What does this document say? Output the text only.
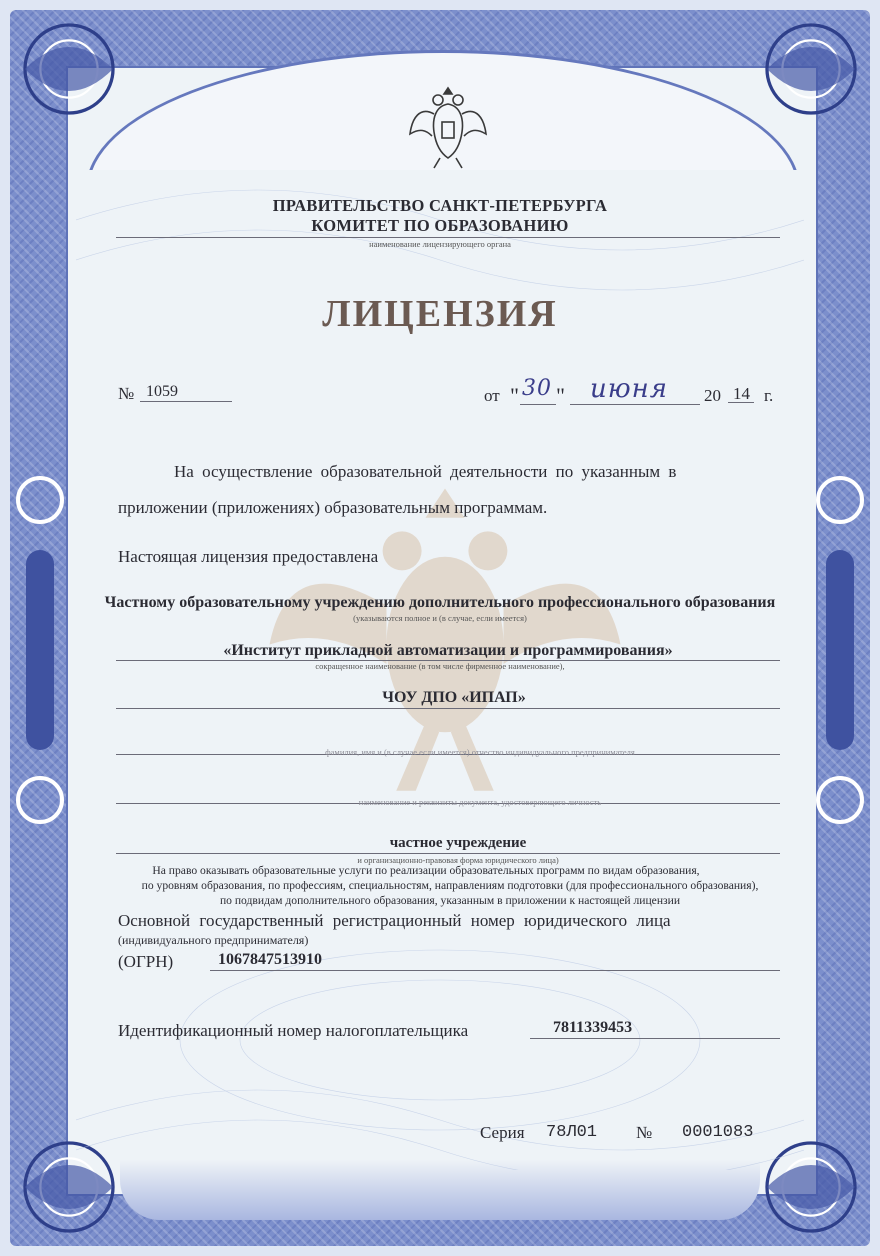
ПРАВИТЕЛЬСТВО САНКТ-ПЕТЕРБУРГА
КОМИТЕТ ПО ОБРАЗОВАНИЮ
наименование лицензирующего органа
ЛИЦЕНЗИЯ
№ 1059	от " 30 " июня 20 14 г.
На осуществление образовательной деятельности по указанным в
приложении (приложениях) образовательным программам.
Настоящая лицензия предоставлена
Частному образовательному учреждению дополнительного профессионального образования
(указываются полное и (в случае, если имеется)
«Институт прикладной автоматизации и программирования»
сокращенное наименование (в том числе фирменное наименование),
ЧОУ ДПО «ИПАП»
фамилия, имя и (в случае если имеется) отчество индивидуального предпринимателя
наименование и реквизиты документа, удостоверяющего личность
частное учреждение
и организационно-правовая форма юридического лица)
На право оказывать образовательные услуги по реализации образовательных программ по видам образования,
по уровням образования, по профессиям, специальностям, направлениям подготовки (для профессионального образования),
по подвидам дополнительного образования, указанным в приложении к настоящей лицензии
Основной государственный регистрационный номер юридического лица
(индивидуального предпринимателя)
(ОГРН)	1067847513910
Идентификационный номер налогоплательщика	7811339453
Серия 78Л01 № 0001083
